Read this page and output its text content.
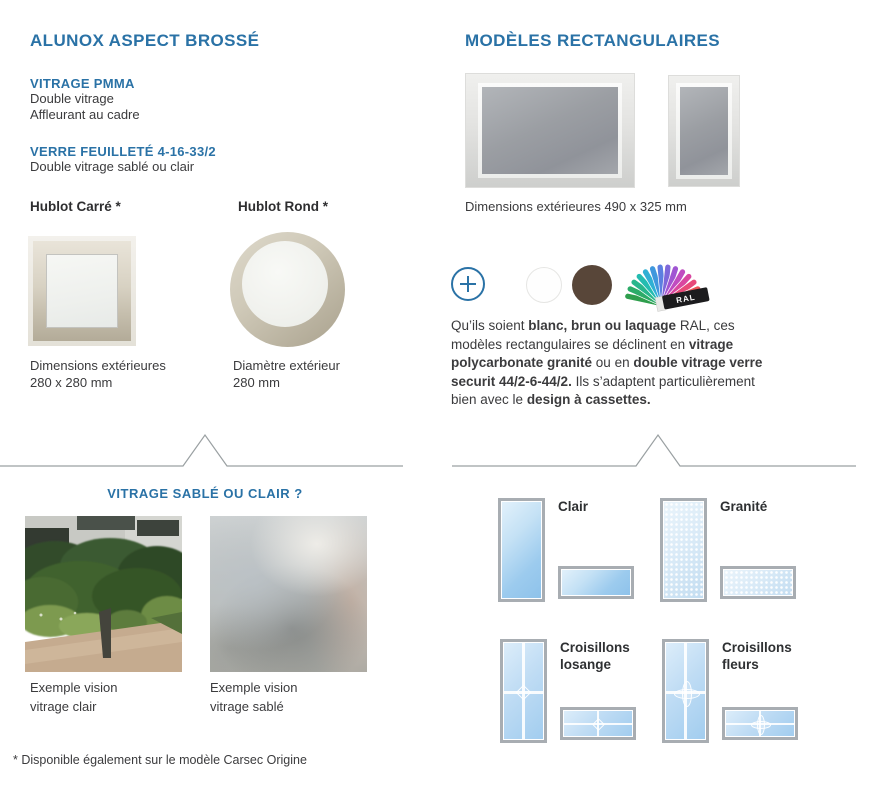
ALUNOX ASPECT BROSSÉ
VITRAGE PMMA
Double vitrage
Affleurant au cadre
VERRE FEUILLETÉ 4-16-33/2
Double vitrage sablé ou clair
Hublot Carré *	Hublot Rond *
Dimensions extérieures
280 x 280 mm
Diamètre extérieur
280 mm
VITRAGE SABLÉ OU CLAIR ?
Exemple vision
vitrage clair
Exemple vision
vitrage sablé
* Disponible également sur le modèle Carsec Origine
MODÈLES RECTANGULAIRES
Dimensions extérieures 490 x 325 mm
RAL
Qu’ils soient blanc, brun ou laquage RAL, ces modèles rectangulaires se déclinent en vitrage polycarbonate granité ou en double vitrage verre securit 44/2-6-44/2. Ils s’adaptent particulièrement bien avec le design à cassettes.
Clair	Granité
Croisillons losange
Croisillons fleurs
